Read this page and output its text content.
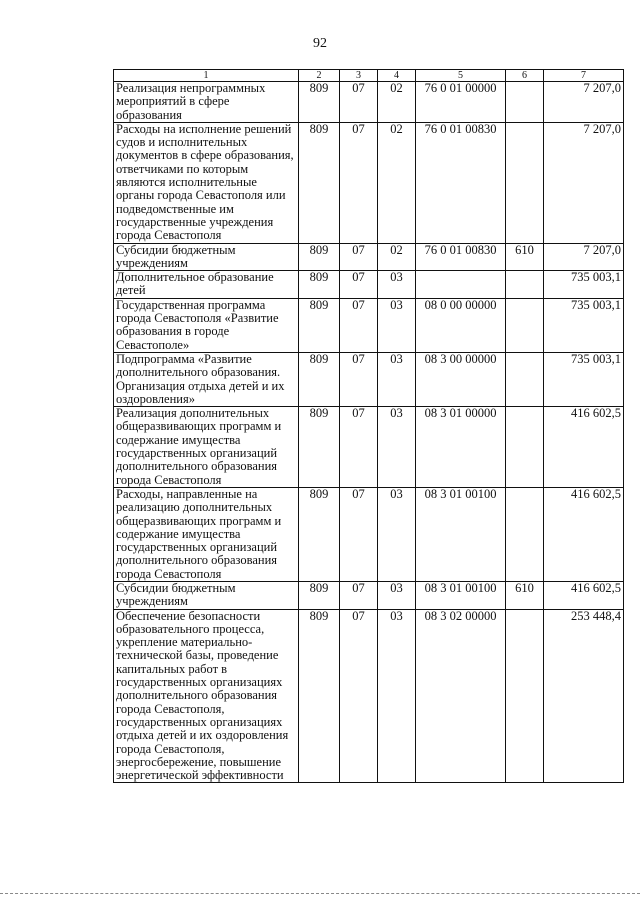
92
1	2	3	4	5	6	7
Реализация непрограммных мероприятий в сфере образования	809	07	02	76 0 01 00000		7 207,0
Расходы на исполнение решений судов и исполнительных документов в сфере образования, ответчиками по которым являются исполнительные органы города Севастополя или подведомственные им государственные учреждения города Севастополя	809	07	02	76 0 01 00830		7 207,0
Субсидии бюджетным учреждениям	809	07	02	76 0 01 00830	610	7 207,0
Дополнительное образование детей	809	07	03			735 003,1
Государственная программа города Севастополя «Развитие образования в городе Севастополе»	809	07	03	08 0 00 00000		735 003,1
Подпрограмма «Развитие дополнительного образования. Организация отдыха детей и их оздоровления»	809	07	03	08 3 00 00000		735 003,1
Реализация дополнительных общеразвивающих программ и содержание имущества государственных организаций дополнительного образования города Севастополя	809	07	03	08 3 01 00000		416 602,5
Расходы, направленные на реализацию дополнительных общеразвивающих программ и содержание имущества государственных организаций дополнительного образования города Севастополя	809	07	03	08 3 01 00100		416 602,5
Субсидии бюджетным учреждениям	809	07	03	08 3 01 00100	610	416 602,5
Обеспечение безопасности образовательного процесса, укрепление материально-технической базы, проведение капитальных работ в государственных организациях дополнительного образования города Севастополя, государственных организациях отдыха детей и их оздоровления города Севастополя, энергосбережение, повышение энергетической эффективности	809	07	03	08 3 02 00000		253 448,4
